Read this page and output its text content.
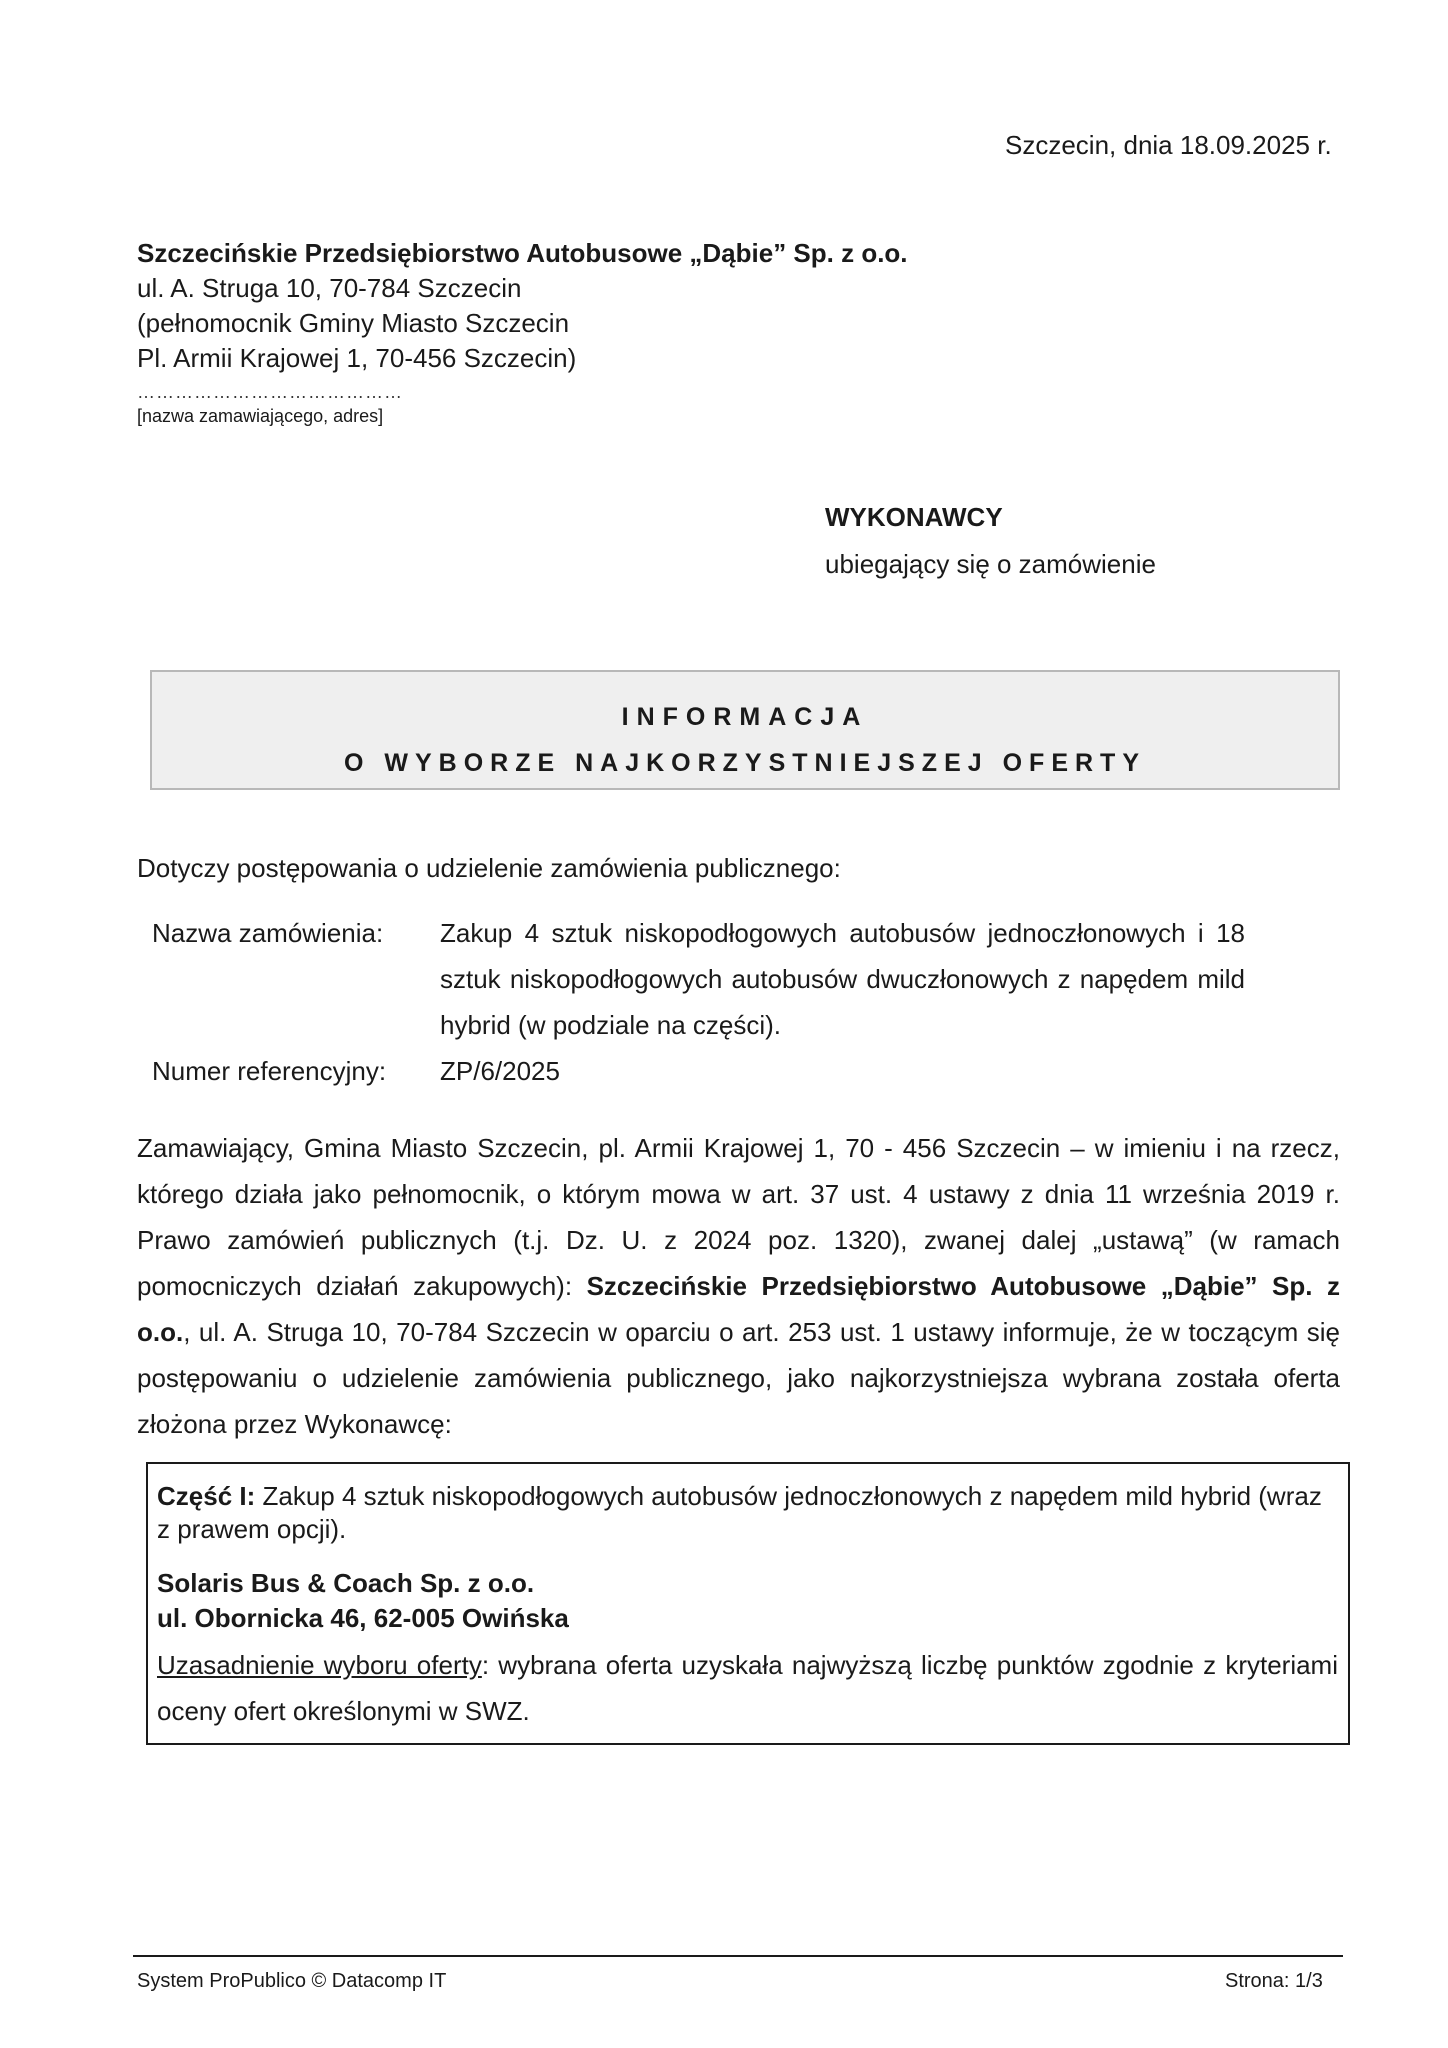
Szczecin, dnia 18.09.2025 r.
Szczecińskie Przedsiębiorstwo Autobusowe „Dąbie” Sp. z o.o.
ul. A. Struga 10, 70-784 Szczecin
(pełnomocnik Gminy Miasto Szczecin
Pl. Armii Krajowej 1, 70-456 Szczecin)
……………………………………
[nazwa zamawiającego, adres]
WYKONAWCY
ubiegający się o zamówienie
INFORMACJA
O WYBORZE NAJKORZYSTNIEJSZEJ OFERTY
Dotyczy postępowania o udzielenie zamówienia publicznego:
Nazwa zamówienia:	Zakup 4 sztuk niskopodłogowych autobusów jednoczłonowych i 18 sztuk niskopodłogowych autobusów dwuczłonowych z napędem mild hybrid (w podziale na części).
Numer referencyjny:	ZP/6/2025
Zamawiający, Gmina Miasto Szczecin, pl. Armii Krajowej 1, 70 - 456 Szczecin – w imieniu i na rzecz, którego działa jako pełnomocnik, o którym mowa w art. 37 ust. 4 ustawy z dnia 11 września 2019 r. Prawo zamówień publicznych (t.j. Dz. U. z 2024 poz. 1320), zwanej dalej „ustawą” (w ramach pomocniczych działań zakupowych): Szczecińskie Przedsiębiorstwo Autobusowe „Dąbie” Sp. z o.o., ul. A. Struga 10, 70-784 Szczecin w oparciu o art. 253 ust. 1 ustawy informuje, że w toczącym się postępowaniu o udzielenie zamówienia publicznego, jako najkorzystniejsza wybrana została oferta złożona przez Wykonawcę:
Część I: Zakup 4 sztuk niskopodłogowych autobusów jednoczłonowych z napędem mild hybrid (wraz z prawem opcji).
Solaris Bus & Coach Sp. z o.o.
ul. Obornicka 46, 62-005 Owińska
Uzasadnienie wyboru oferty: wybrana oferta uzyskała najwyższą liczbę punktów zgodnie z kryteriami oceny ofert określonymi w SWZ.
System ProPublico © Datacomp IT	Strona: 1/3
